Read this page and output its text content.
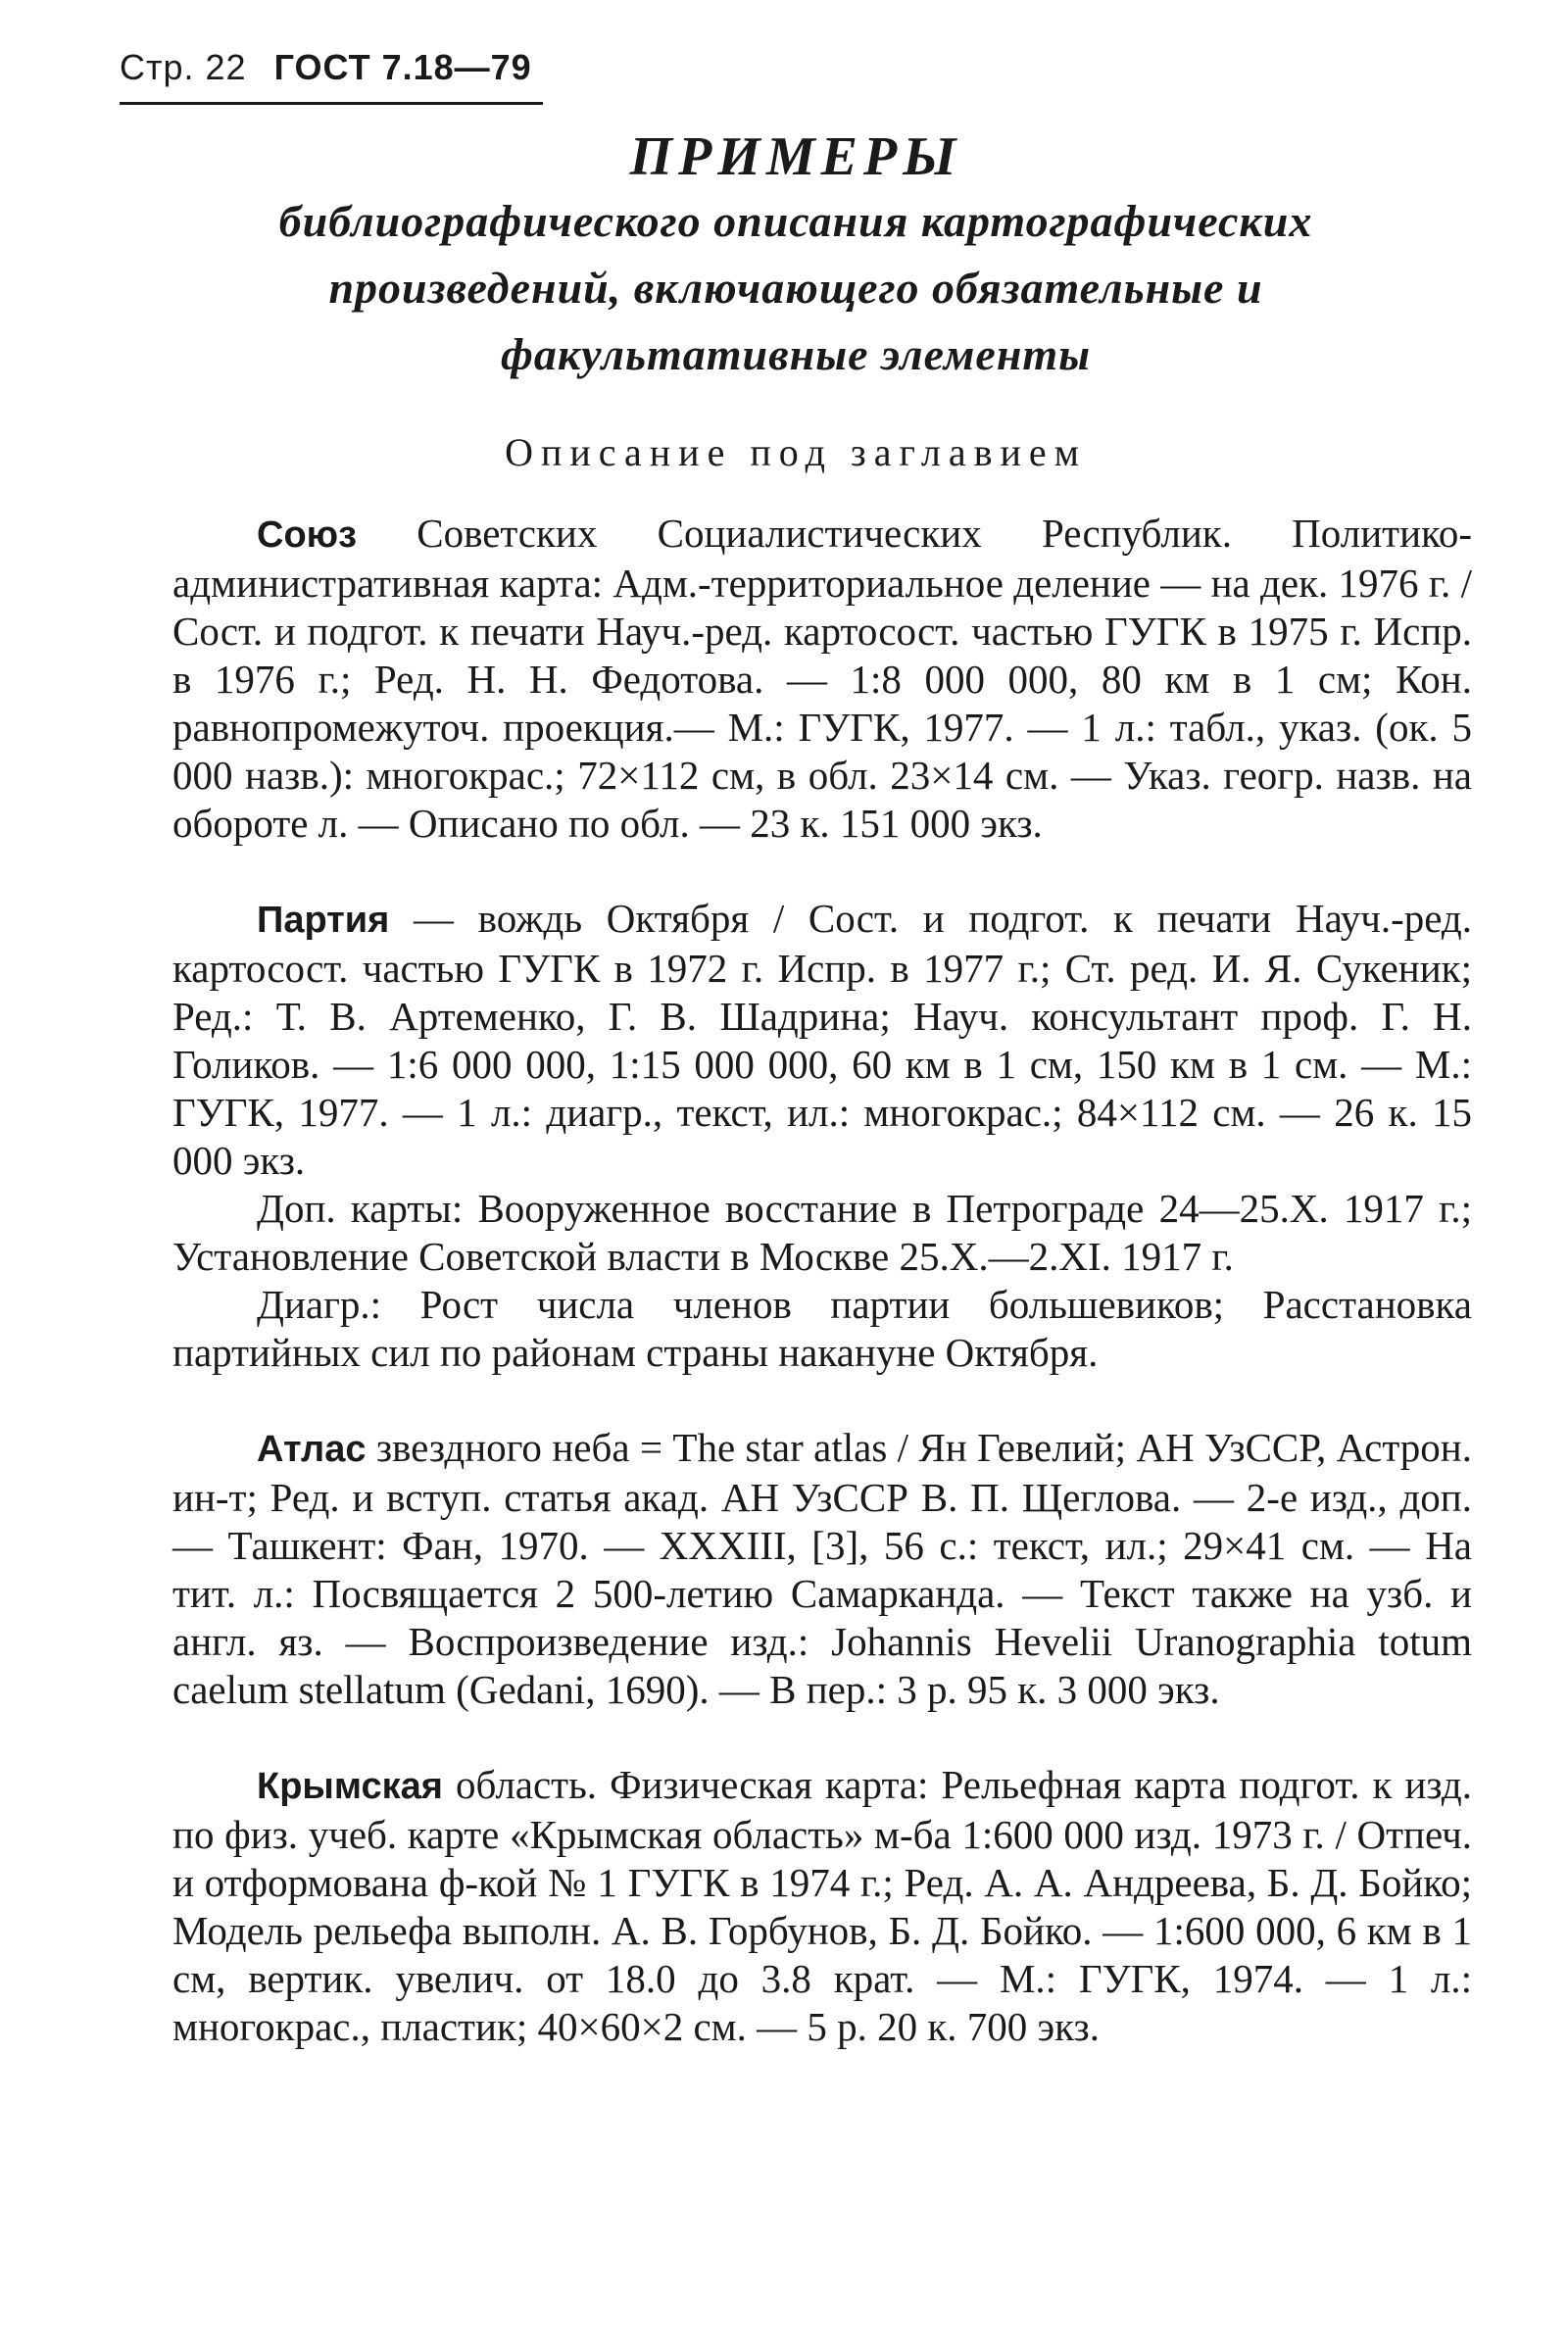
Стр. 22 ГОСТ 7.18—79
ПРИМЕРЫ
библиографического описания картографических
произведений, включающего обязательные и
факультативные элементы
Описание под заглавием

Союз Советских Социалистических Республик. Политико-административная карта: Адм.-территориальное деление — на дек. 1976 г. / Сост. и подгот. к печати Науч.-ред. картосост. частью ГУГК в 1975 г. Испр. в 1976 г.; Ред. Н. Н. Федотова. — 1:8 000 000, 80 км в 1 см; Кон. равнопромежуточ. проекция.— М.: ГУГК, 1977. — 1 л.: табл., указ. (ок. 5 000 назв.): многокрас.; 72×112 см, в обл. 23×14 см. — Указ. геогр. назв. на обороте л. — Описано по обл. — 23 к. 151 000 экз.

Партия — вождь Октября / Сост. и подгот. к печати Науч.-ред. картосост. частью ГУГК в 1972 г. Испр. в 1977 г.; Ст. ред. И. Я. Сукеник; Ред.: Т. В. Артеменко, Г. В. Шадрина; Науч. консультант проф. Г. Н. Голиков. — 1:6 000 000, 1:15 000 000, 60 км в 1 см, 150 км в 1 см. — М.: ГУГК, 1977. — 1 л.: диагр., текст, ил.: многокрас.; 84×112 см. — 26 к. 15 000 экз.

Доп. карты: Вооруженное восстание в Петрограде 24—25.X. 1917 г.; Установление Советской власти в Москве 25.X.—2.XI. 1917 г.

Диагр.: Рост числа членов партии большевиков; Расстановка партийных сил по районам страны накануне Октября.

Атлас звездного неба = The star atlas / Ян Гевелий; АН УзССР, Астрон. ин-т; Ред. и вступ. статья акад. АН УзССР В. П. Щеглова. — 2-е изд., доп. — Ташкент: Фан, 1970. — XXXIII, [3], 56 с.: текст, ил.; 29×41 см. — На тит. л.: Посвящается 2 500-летию Самарканда. — Текст также на узб. и англ. яз. — Воспроизведение изд.: Johannis Hevelii Uranographia totum caelum stellatum (Gedani, 1690). — В пер.: 3 р. 95 к. 3 000 экз.

Крымская область. Физическая карта: Рельефная карта подгот. к изд. по физ. учеб. карте «Крымская область» м-ба 1:600 000 изд. 1973 г. / Отпеч. и отформована ф-кой № 1 ГУГК в 1974 г.; Ред. А. А. Андреева, Б. Д. Бойко; Модель рельефа выполн. А. В. Горбунов, Б. Д. Бойко. — 1:600 000, 6 км в 1 см, вертик. увелич. от 18.0 до 3.8 крат. — М.: ГУГК, 1974. — 1 л.: многокрас., пластик; 40×60×2 см. — 5 р. 20 к. 700 экз.
